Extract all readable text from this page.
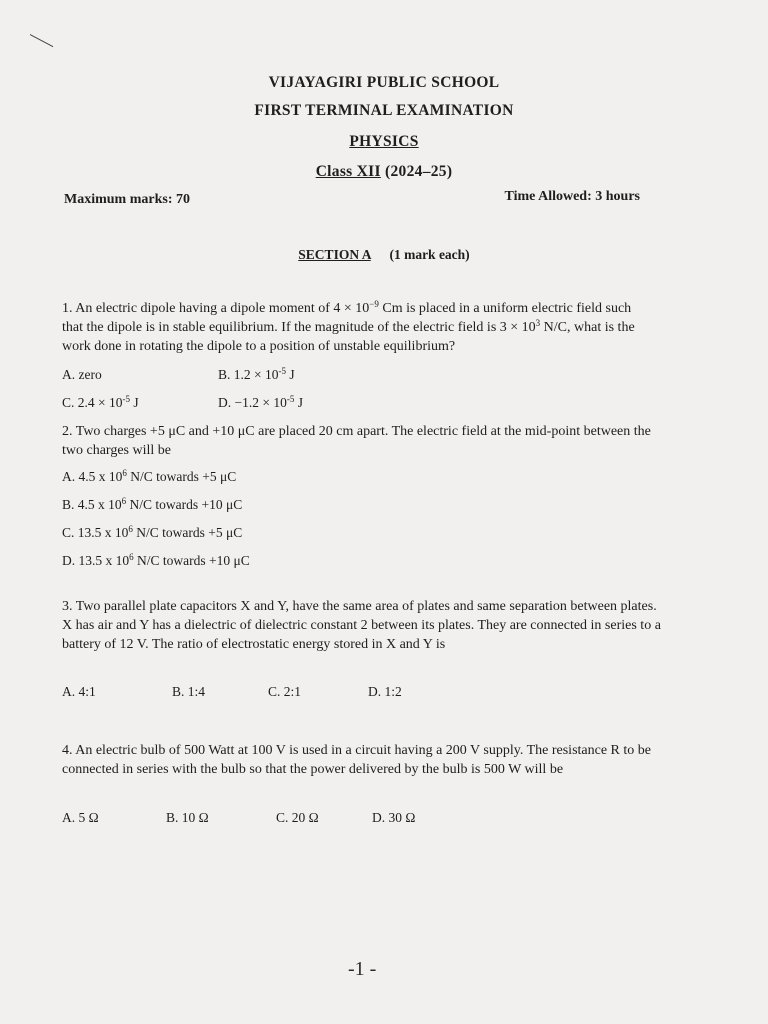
VIJAYAGIRI PUBLIC SCHOOL
FIRST TERMINAL EXAMINATION
PHYSICS
Class XII (2024–25)
Maximum marks: 70	Time Allowed: 3 hours
SECTION A (1 mark each)
1. An electric dipole having a dipole moment of $4 \times 10^{-9}$ Cm is placed in a uniform electric field such that the dipole is in stable equilibrium. If the magnitude of the electric field is $3 \times 10^3$ N/C, what is the work done in rotating the dipole to a position of unstable equilibrium?
A. zero	B. $1.2 \times 10^{-5}$ J
C. $2.4 \times 10^{-5}$ J	D. $-1.2 \times 10^{-5}$ J
2. Two charges +5 μC and +10 μC are placed 20 cm apart. The electric field at the mid-point between the two charges will be
A. 4.5 x $10^6$ N/C towards +5 μC
B. 4.5 x $10^6$ N/C towards +10 μC
C. 13.5 x $10^6$ N/C towards +5 μC
D. 13.5 x $10^6$ N/C towards +10 μC
3. Two parallel plate capacitors X and Y, have the same area of plates and same separation between plates. X has air and Y has a dielectric of dielectric constant 2 between its plates. They are connected in series to a battery of 12 V. The ratio of electrostatic energy stored in X and Y is
A. 4:1	B. 1:4	C. 2:1	D. 1:2
4. An electric bulb of 500 Watt at 100 V is used in a circuit having a 200 V supply. The resistance R to be connected in series with the bulb so that the power delivered by the bulb is 500 W will be
A. 5 Ω	B. 10 Ω	C. 20 Ω	D. 30 Ω
-1 -
